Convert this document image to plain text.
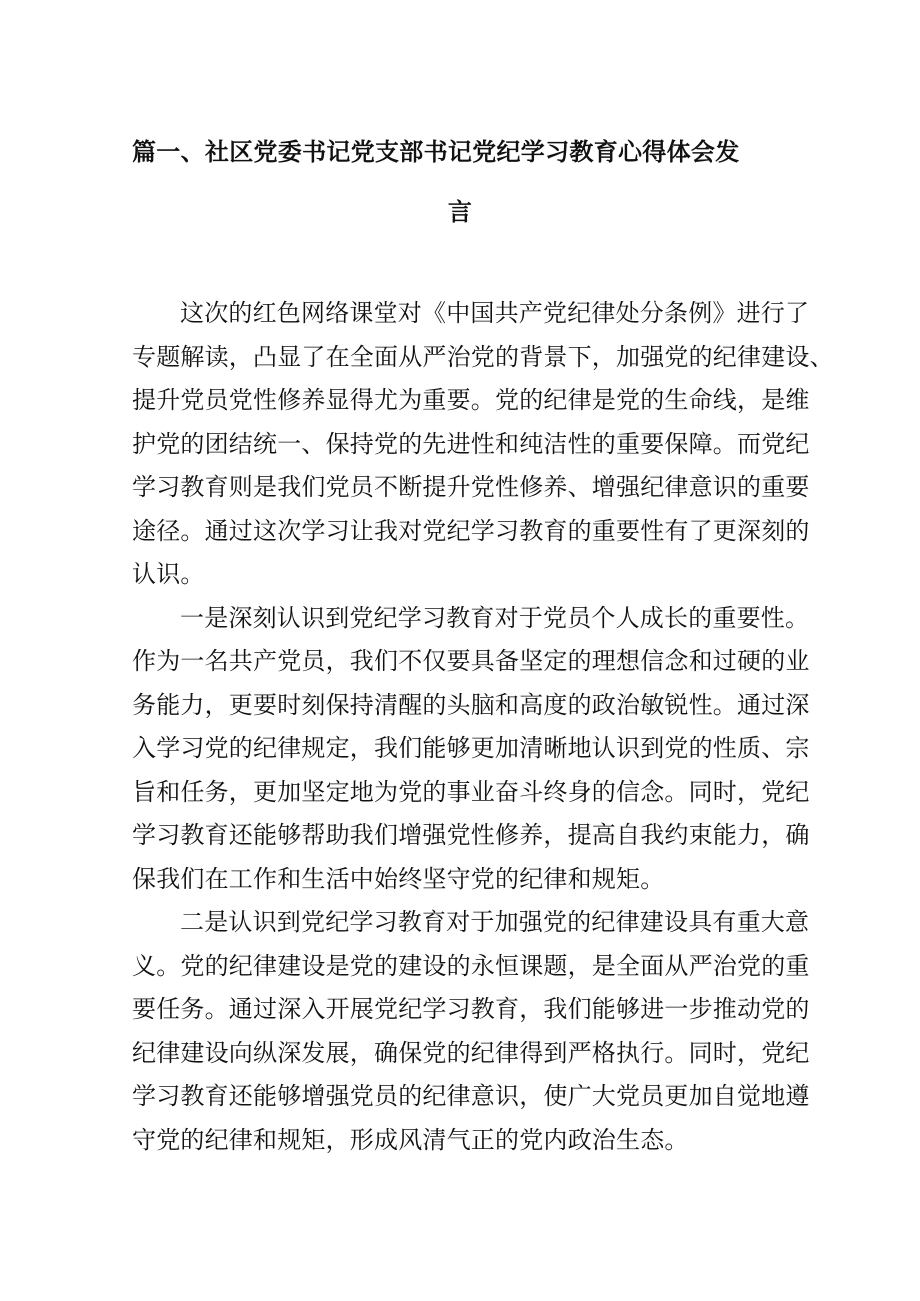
篇一、社区党委书记党支部书记党纪学习教育心得体会发
言
这次的红色网络课堂对《中国共产党纪律处分条例》进行了
专题解读，凸显了在全面从严治党的背景下，加强党的纪律建设、
提升党员党性修养显得尤为重要。党的纪律是党的生命线，是维
护党的团结统一、保持党的先进性和纯洁性的重要保障。而党纪
学习教育则是我们党员不断提升党性修养、增强纪律意识的重要
途径。通过这次学习让我对党纪学习教育的重要性有了更深刻的
认识。
一是深刻认识到党纪学习教育对于党员个人成长的重要性。
作为一名共产党员，我们不仅要具备坚定的理想信念和过硬的业
务能力，更要时刻保持清醒的头脑和高度的政治敏锐性。通过深
入学习党的纪律规定，我们能够更加清晰地认识到党的性质、宗
旨和任务，更加坚定地为党的事业奋斗终身的信念。同时，党纪
学习教育还能够帮助我们增强党性修养，提高自我约束能力，确
保我们在工作和生活中始终坚守党的纪律和规矩。
二是认识到党纪学习教育对于加强党的纪律建设具有重大意
义。党的纪律建设是党的建设的永恒课题，是全面从严治党的重
要任务。通过深入开展党纪学习教育，我们能够进一步推动党的
纪律建设向纵深发展，确保党的纪律得到严格执行。同时，党纪
学习教育还能够增强党员的纪律意识，使广大党员更加自觉地遵
守党的纪律和规矩，形成风清气正的党内政治生态。
